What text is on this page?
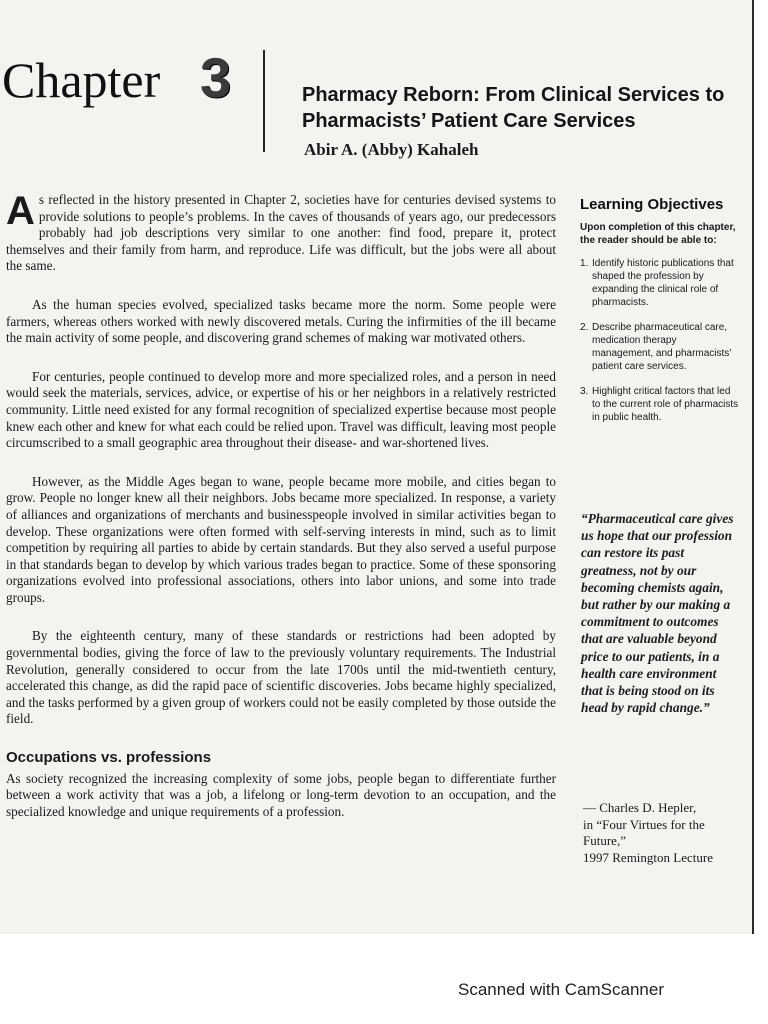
Chapter 3	Pharmacy Reborn: From Clinical Services to Pharmacists’ Patient Care Services
Abir A. (Abby) Kahaleh

As reflected in the history presented in Chapter 2, societies have for centuries devised systems to provide solutions to people’s problems. In the caves of thousands of years ago, our predecessors probably had job descriptions very similar to one another: find food, prepare it, protect themselves and their family from harm, and reproduce. Life was difficult, but the jobs were all about the same.

As the human species evolved, specialized tasks became more the norm. Some people were farmers, whereas others worked with newly discovered metals. Curing the infirmities of the ill became the main activity of some people, and discovering grand schemes of making war motivated others.

For centuries, people continued to develop more and more specialized roles, and a person in need would seek the materials, services, advice, or expertise of his or her neighbors in a relatively restricted community. Little need existed for any formal recognition of specialized expertise because most people knew each other and knew for what each could be relied upon. Travel was difficult, leaving most people circumscribed to a small geographic area throughout their disease- and war-shortened lives.

However, as the Middle Ages began to wane, people became more mobile, and cities began to grow. People no longer knew all their neighbors. Jobs became more specialized. In response, a variety of alliances and organizations of merchants and businesspeople involved in similar activities began to develop. These organizations were often formed with self-serving interests in mind, such as to limit competition by requiring all parties to abide by certain standards. But they also served a useful purpose in that standards began to develop by which various trades began to practice. Some of these sponsoring organizations evolved into professional associations, others into labor unions, and some into trade groups.

By the eighteenth century, many of these standards or restrictions had been adopted by governmental bodies, giving the force of law to the previously voluntary requirements. The Industrial Revolution, generally considered to occur from the late 1700s until the mid-twentieth century, accelerated this change, as did the rapid pace of scientific discoveries. Jobs became highly specialized, and the tasks performed by a given group of workers could not be easily completed by those outside the field.

Occupations vs. professions

As society recognized the increasing complexity of some jobs, people began to differentiate further between a work activity that was a job, a lifelong or long-term devotion to an occupation, and the specialized knowledge and unique requirements of a profession.

Learning Objectives
Upon completion of this chapter, the reader should be able to:
1. Identify historic publications that shaped the profession by expanding the clinical role of pharmacists.
2. Describe pharmaceutical care, medication therapy management, and pharmacists’ patient care services.
3. Highlight critical factors that led to the current role of pharmacists in public health.
“Pharmaceutical care gives us hope that our profession can restore its past greatness, not by our becoming chemists again, but rather by our making a commitment to outcomes that are valuable beyond price to our patients, in a health care environment that is being stood on its head by rapid change.”
— Charles D. Hepler,
in “Four Virtues for the Future,”
1997 Remington Lecture
Scanned with CamScanner
